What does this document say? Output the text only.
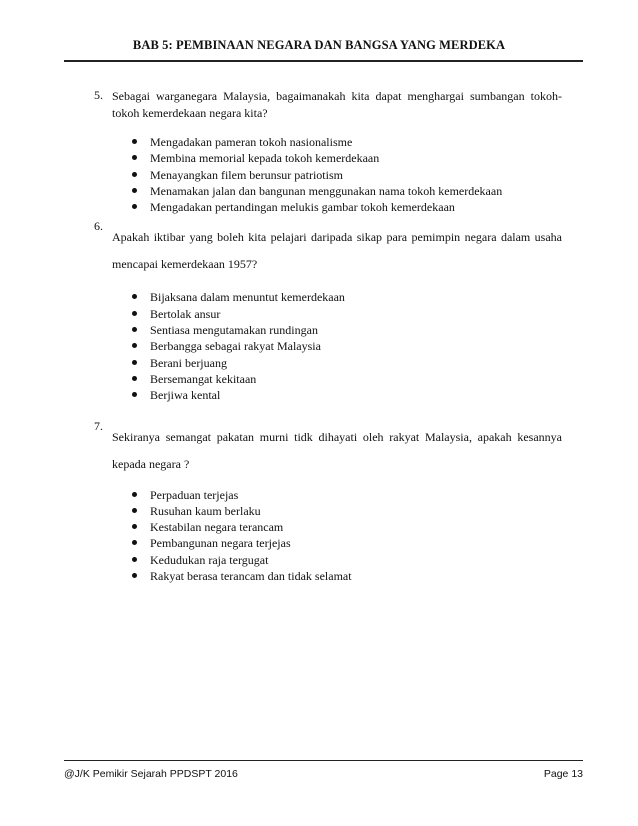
BAB 5: PEMBINAAN NEGARA DAN BANGSA YANG MERDEKA
5. Sebagai warganegara Malaysia, bagaimanakah kita dapat menghargai sumbangan tokoh-tokoh kemerdekaan negara kita?
Mengadakan pameran tokoh nasionalisme
Membina memorial kepada tokoh kemerdekaan
Menayangkan filem berunsur patriotism
Menamakan jalan dan bangunan menggunakan nama tokoh kemerdekaan
Mengadakan pertandingan melukis gambar tokoh kemerdekaan
6.
Apakah iktibar yang boleh kita pelajari daripada sikap para pemimpin negara dalam usaha mencapai kemerdekaan 1957?
Bijaksana dalam menuntut kemerdekaan
Bertolak ansur
Sentiasa mengutamakan rundingan
Berbangga sebagai rakyat Malaysia
Berani berjuang
Bersemangat kekitaan
Berjiwa kental
7.
Sekiranya semangat pakatan murni tidk dihayati oleh rakyat Malaysia, apakah kesannya kepada negara ?
Perpaduan terjejas
Rusuhan kaum berlaku
Kestabilan negara terancam
Pembangunan negara terjejas
Kedudukan raja tergugat
Rakyat berasa terancam dan tidak selamat
@J/K Pemikir Sejarah PPDSPT 2016	Page 13
